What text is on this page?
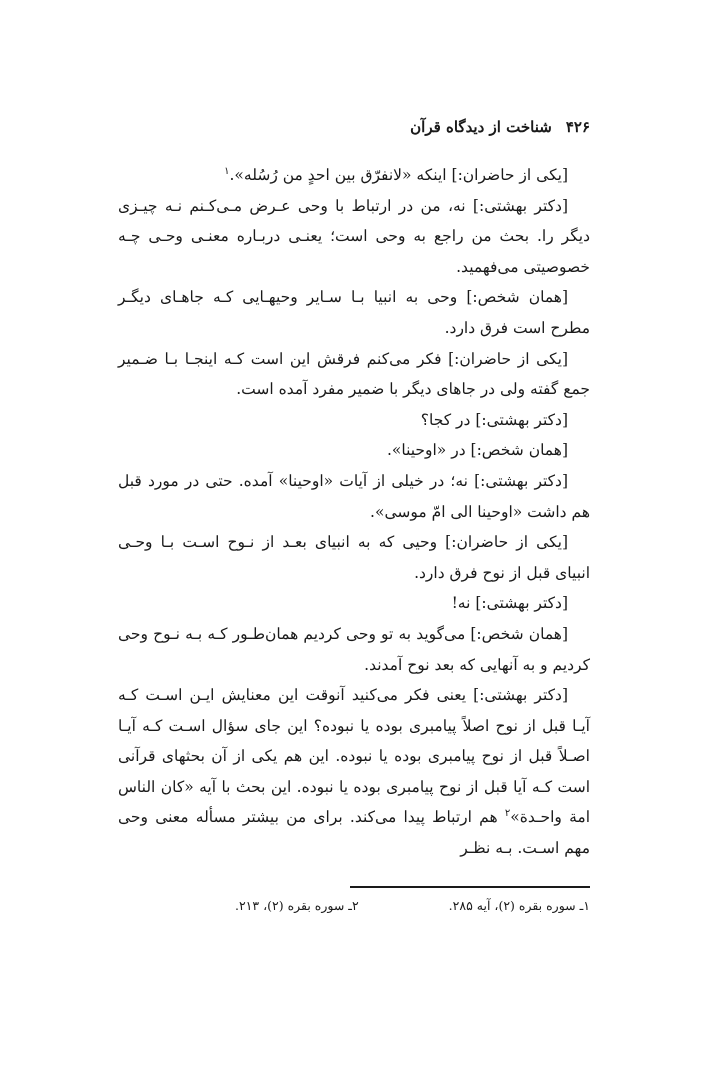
۴۲۶
شناخت از دیدگاه قرآن

[یکی از حاضران:] اینکه «لانفرّق بین احدٍ من رُسُله».$^۱$

[دکتر بهشتی:] نه، من در ارتباط با وحی عـرض مـی‌کـنم نـه چیـزی دیگر را. بحث من راجع به وحی است؛ یعنـی دربـاره معنـی وحـی چـه خصوصیتی می‌فهمید.

[همان شخص:] وحی به انبیا بـا سـایر وحیهـایی کـه جاهـای دیگـر مطرح است فرق دارد.

[یکی از حاضران:] فکر می‌کنم فرقش این است کـه اینجـا بـا ضـمیر جمع گفته ولی در جاهای دیگر با ضمیر مفرد آمده است.

[دکتر بهشتی:] در کجا؟

[همان شخص:] در «اوحینا».

[دکتر بهشتی:] نه؛ در خیلی از آیات «اوحینا» آمده. حتی در مورد قبل هم داشت «اوحینا الی امّ موسی».

[یکی از حاضران:] وحیی که به انبیای بعـد از نـوح اسـت بـا وحـی انبیای قبل از نوح فرق دارد.

[دکتر بهشتی:] نه!

[همان شخص:] می‌گوید به تو وحی کردیم همان‌طـور کـه بـه نـوح وحی کردیم و به آنهایی که بعد نوح آمدند.

[دکتر بهشتی:] یعنی فکر می‌کنید آنوقت این معنایش ایـن اسـت کـه آیـا قبل از نوح اصلاً پیامبری بوده یا نبوده؟ این جای سؤال اسـت کـه آیـا اصـلاً قبل از نوح پیامبری بوده یا نبوده. این هم یکی از آن بحثهای قرآنی است کـه آیا قبل از نوح پیامبری بوده یا نبوده. این بحث با آیه «کان الناس امة واحـدة»$^۲$ هم ارتباط پیدا می‌کند. برای من بیشتر مسأله معنی وحی مهم اسـت. بـه نظـر

۱ـ سوره بقره (۲)، آیه ۲۸۵.
۲ـ سوره بقره (۲)، ۲۱۳.
